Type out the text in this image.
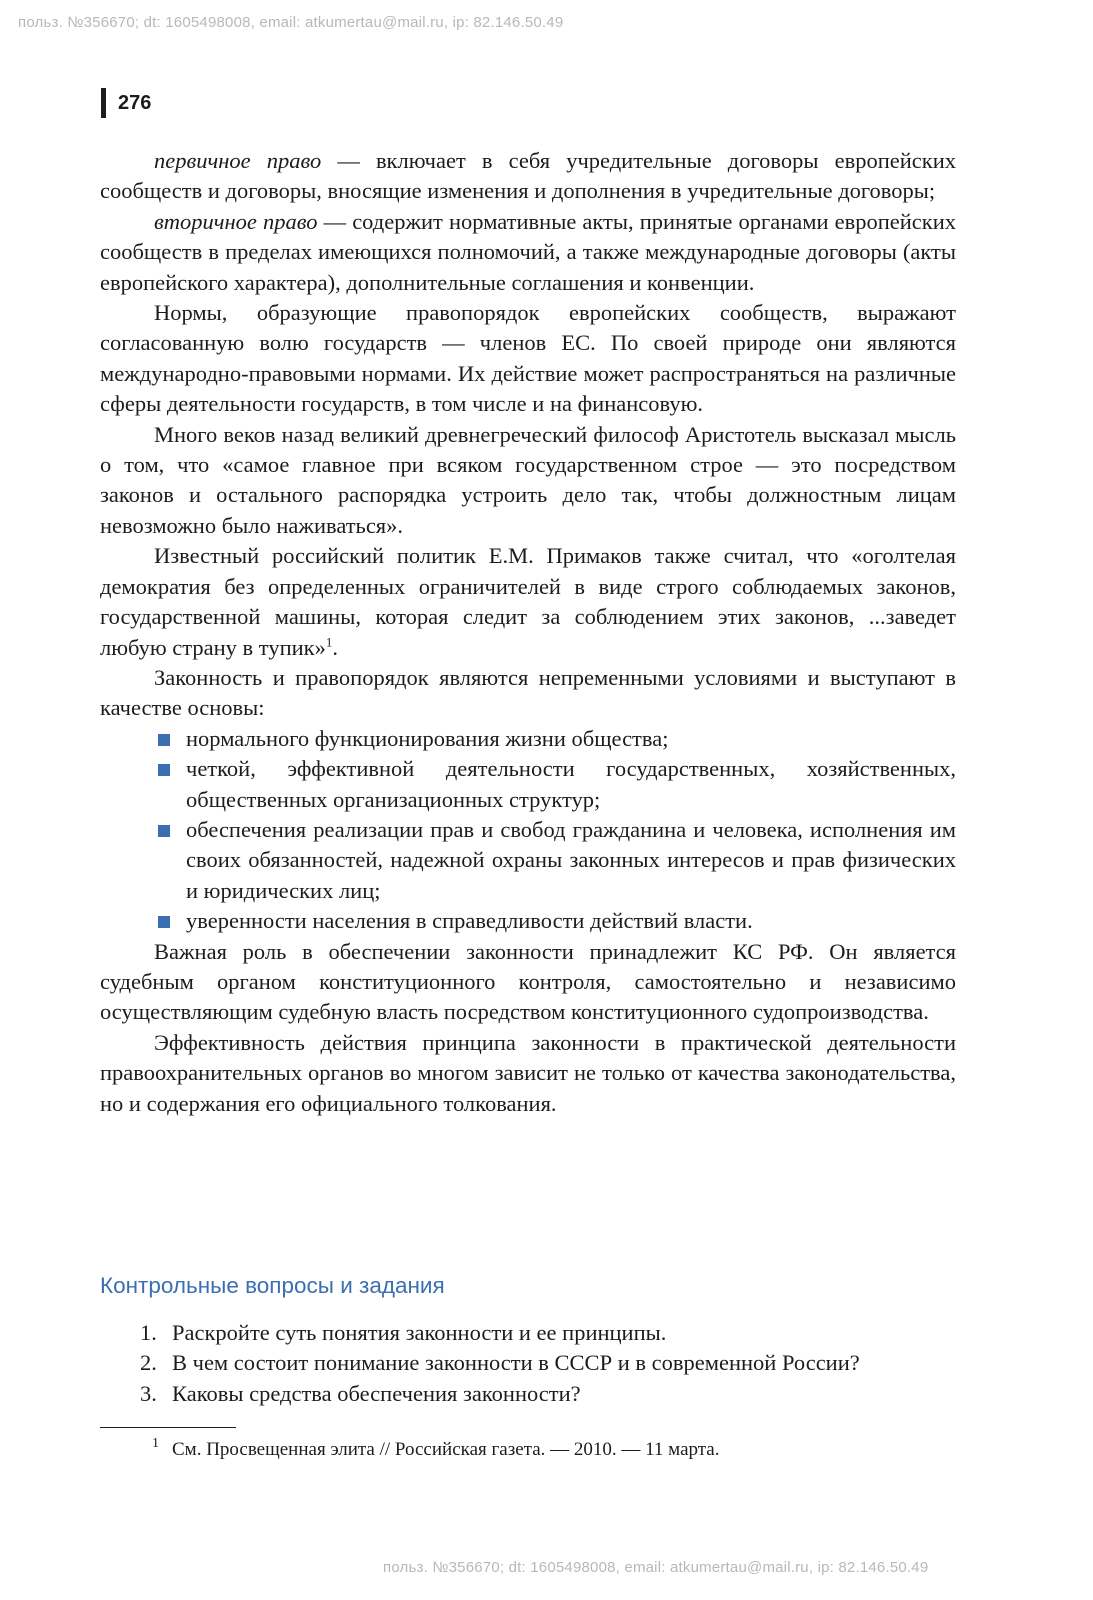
польз. №356670; dt: 1605498008, email: atkumertau@mail.ru, ip: 82.146.50.49
276

первичное право — включает в себя учредительные договоры европейских сообществ и договоры, вносящие изменения и дополнения в учредительные договоры;

вторичное право — содержит нормативные акты, принятые органами европейских сообществ в пределах имеющихся полномочий, а также международные договоры (акты европейского характера), дополнительные соглашения и конвенции.

Нормы, образующие правопорядок европейских сообществ, выражают согласованную волю государств — членов ЕС. По своей природе они являются международно-правовыми нормами. Их действие может распространяться на различные сферы деятельности государств, в том числе и на финансовую.

Много веков назад великий древнегреческий философ Аристотель высказал мысль о том, что «самое главное при всяком государственном строе — это посредством законов и остального распорядка устроить дело так, чтобы должностным лицам невозможно было наживаться».

Известный российский политик Е.М. Примаков также считал, что «оголтелая демократия без определенных ограничителей в виде строго соблюдаемых законов, государственной машины, которая следит за соблюдением этих законов, ...заведет любую страну в тупик»$^1$.

Законность и правопорядок являются непременными условиями и выступают в качестве основы:

нормального функционирования жизни общества;
четкой, эффективной деятельности государственных, хозяйственных, общественных организационных структур;
обеспечения реализации прав и свобод гражданина и человека, исполнения им своих обязанностей, надежной охраны законных интересов и прав физических и юридических лиц;
уверенности населения в справедливости действий власти.

Важная роль в обеспечении законности принадлежит КС РФ. Он является судебным органом конституционного контроля, самостоятельно и независимо осуществляющим судебную власть посредством конституционного судопроизводства.

Эффективность действия принципа законности в практической деятельности правоохранительных органов во многом зависит не только от качества законодательства, но и содержания его официального толкования.

Контрольные вопросы и задания
1. Раскройте суть понятия законности и ее принципы.
2. В чем состоит понимание законности в СССР и в современной России?
3. Каковы средства обеспечения законности?
1 См. Просвещенная элита // Российская газета. — 2010. — 11 марта.
польз. №356670; dt: 1605498008, email: atkumertau@mail.ru, ip: 82.146.50.49
